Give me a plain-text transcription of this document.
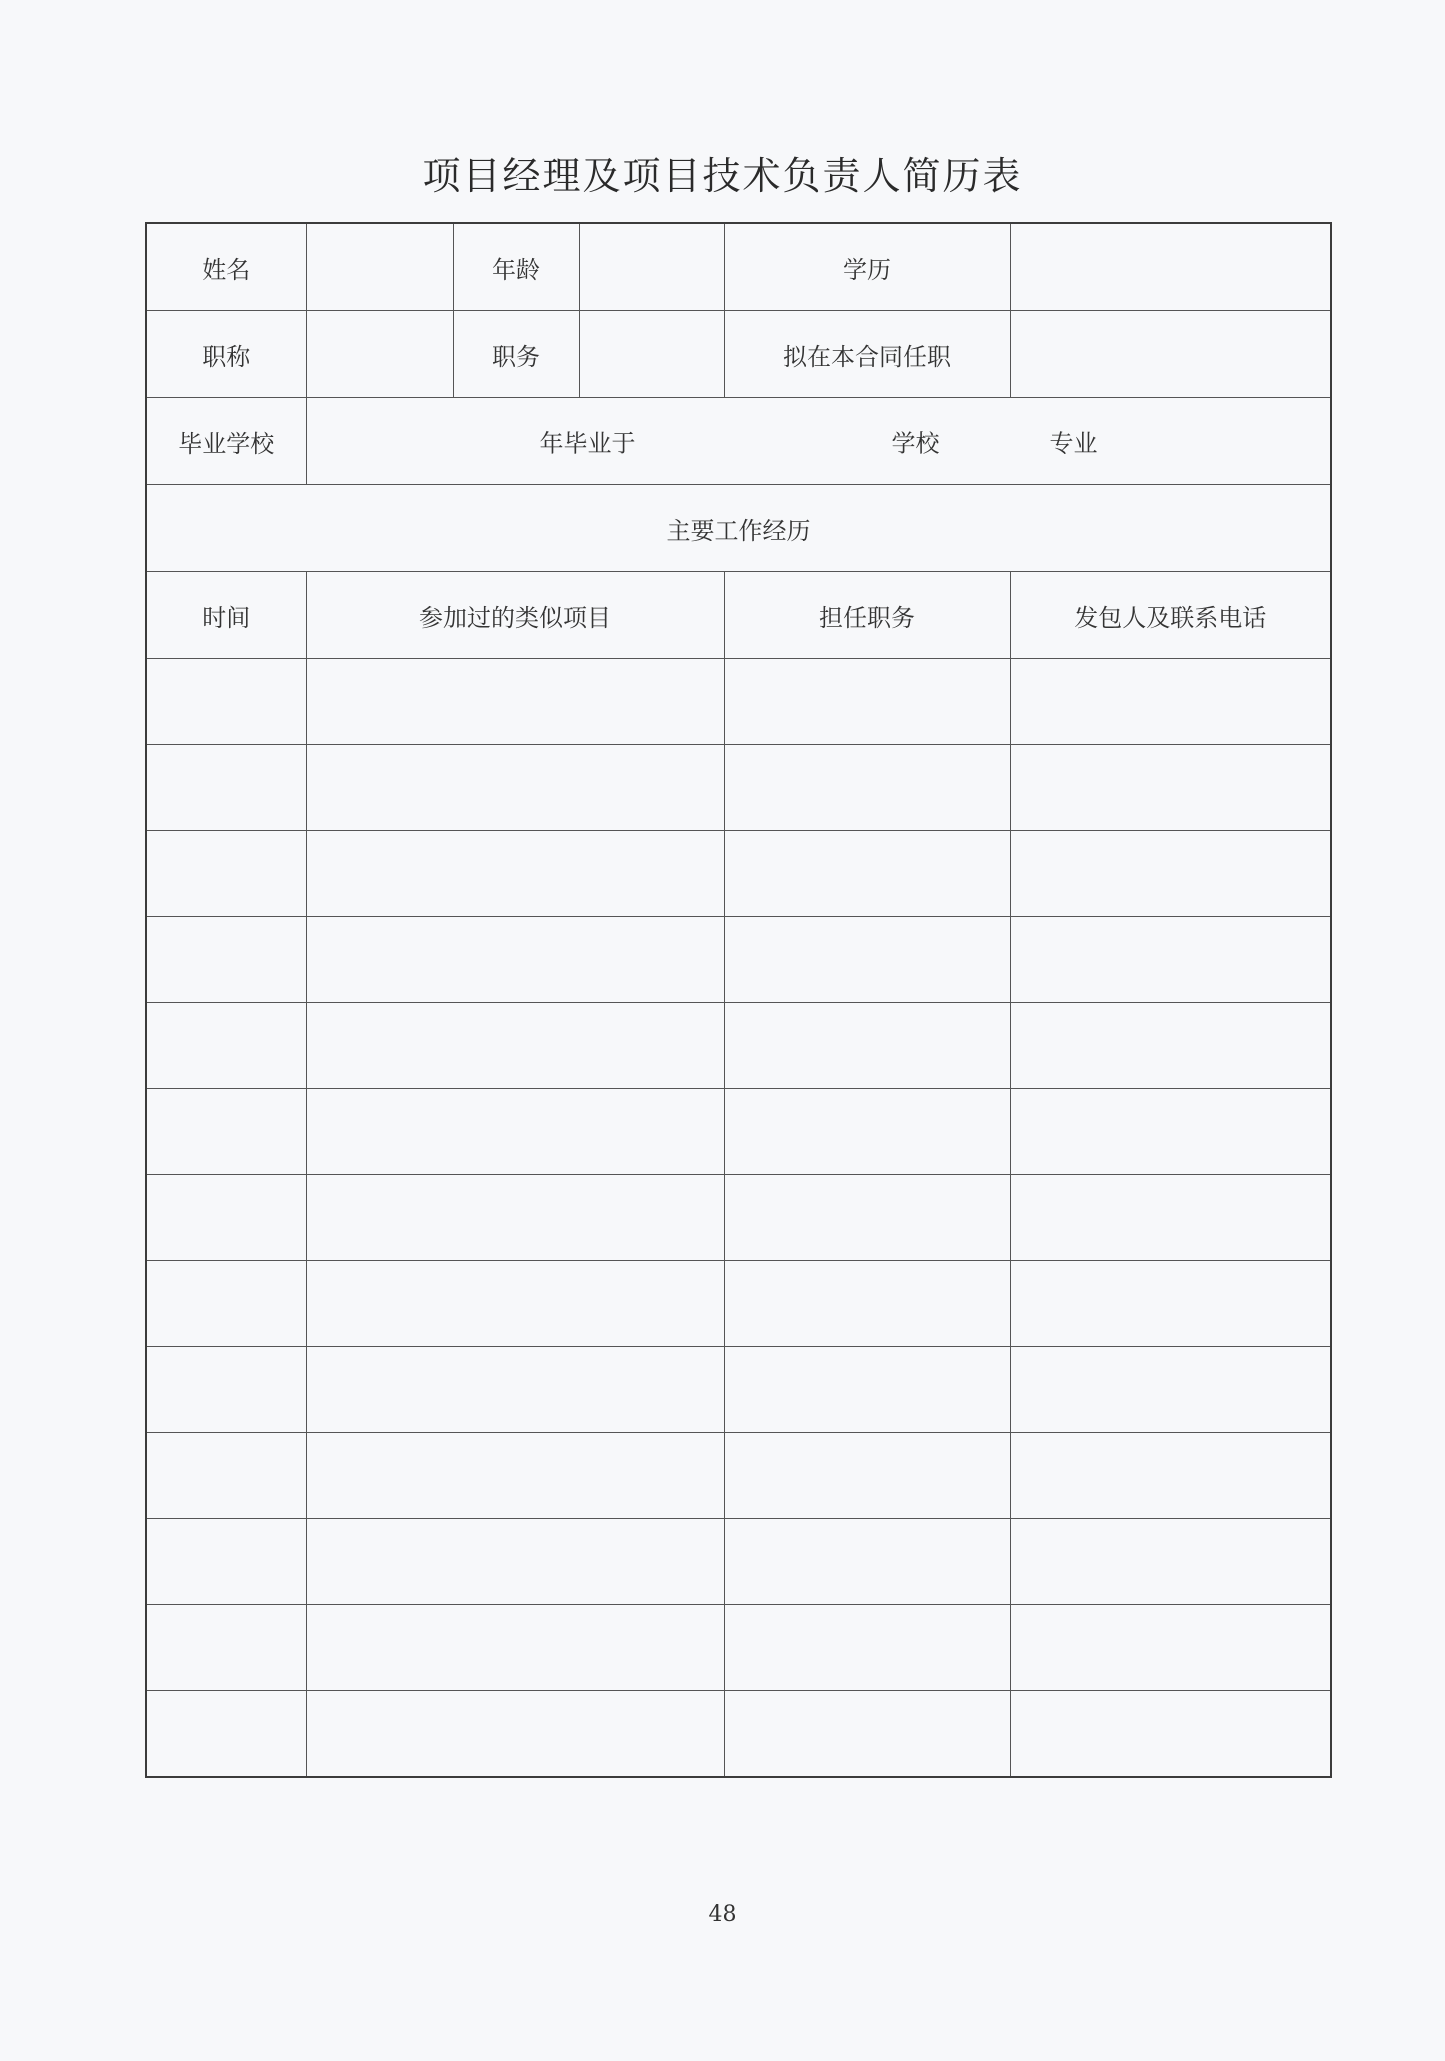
项目经理及项目技术负责人简历表
姓名		年龄		学历	
职称		职务		拟在本合同任职	
毕业学校	年毕业于 学校 专业				

主要工作经历					
时间	参加过的类似项目			担任职务	发包人及联系电话

48
